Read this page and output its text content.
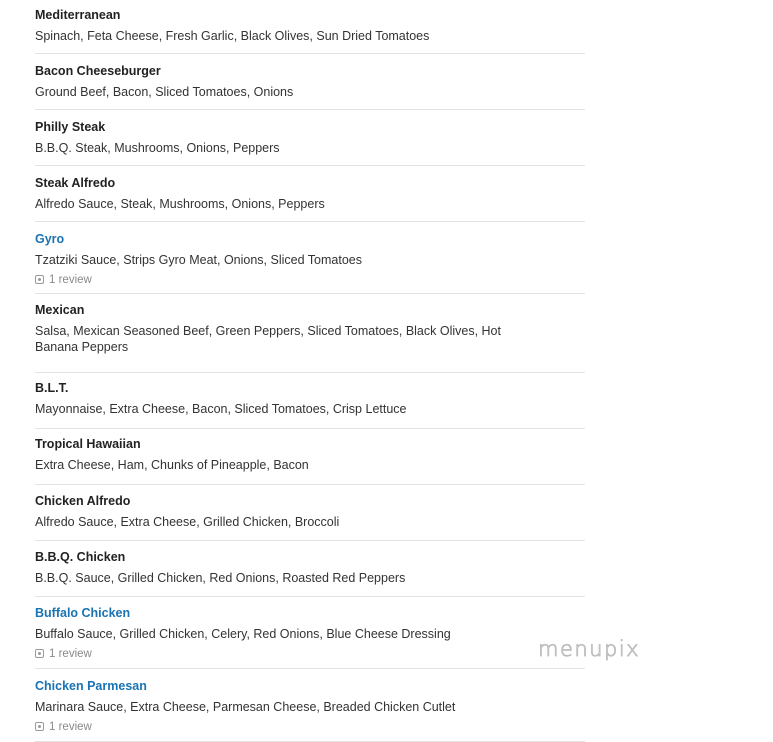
Mediterranean
Spinach, Feta Cheese, Fresh Garlic, Black Olives, Sun Dried Tomatoes
Bacon Cheeseburger
Ground Beef, Bacon, Sliced Tomatoes, Onions
Philly Steak
B.B.Q. Steak, Mushrooms, Onions, Peppers
Steak Alfredo
Alfredo Sauce, Steak, Mushrooms, Onions, Peppers
Gyro
Tzatziki Sauce, Strips Gyro Meat, Onions, Sliced Tomatoes
1 review
Mexican
Salsa, Mexican Seasoned Beef, Green Peppers, Sliced Tomatoes, Black Olives, Hot Banana Peppers
B.L.T.
Mayonnaise, Extra Cheese, Bacon, Sliced Tomatoes, Crisp Lettuce
Tropical Hawaiian
Extra Cheese, Ham, Chunks of Pineapple, Bacon
Chicken Alfredo
Alfredo Sauce, Extra Cheese, Grilled Chicken, Broccoli
B.B.Q. Chicken
B.B.Q. Sauce, Grilled Chicken, Red Onions, Roasted Red Peppers
Buffalo Chicken
Buffalo Sauce, Grilled Chicken, Celery, Red Onions, Blue Cheese Dressing
1 review
Chicken Parmesan
Marinara Sauce, Extra Cheese, Parmesan Cheese, Breaded Chicken Cutlet
1 review
menupix
